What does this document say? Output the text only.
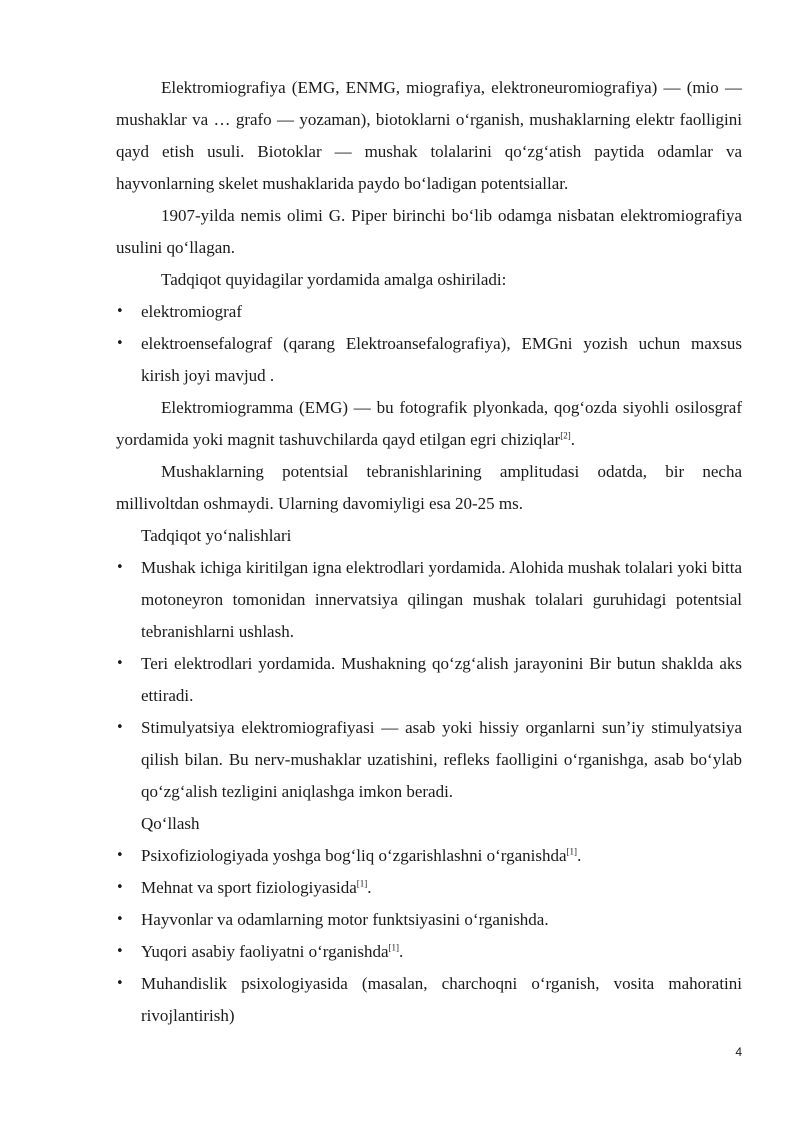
Elektromiografiya (EMG, ENMG, miografiya, elektroneuromiografiya) — (mio — mushaklar va … grafo — yozaman), biotoklarni oʻrganish, mushaklarning elektr faolligini qayd etish usuli. Biotoklar — mushak tolalarini qoʻzgʻatish paytida odamlar va hayvonlarning skelet mushaklarida paydo boʻladigan potentsiallar.

1907-yilda nemis olimi G. Piper birinchi boʻlib odamga nisbatan elektromiografiya usulini qoʻllagan.

Tadqiqot quyidagilar yordamida amalga oshiriladi:

• elektromiograf
• elektroensefalograf (qarang Elektroansefalografiya), EMGni yozish uchun maxsus kirish joyi mavjud .

Elektromiogramma (EMG) — bu fotografik plyonkada, qogʻozda siyohli osilosgraf yordamida yoki magnit tashuvchilarda qayd etilgan egri chiziqlar[2].

Mushaklarning potentsial tebranishlarining amplitudasi odatda, bir necha millivoltdan oshmaydi. Ularning davomiyligi esa 20-25 ms.

Tadqiqot yoʻnalishlari

• Mushak ichiga kiritilgan igna elektrodlari yordamida. Alohida mushak tolalari yoki bitta motoneyron tomonidan innervatsiya qilingan mushak tolalari guruhidagi potentsial tebranishlarni ushlash.
• Teri elektrodlari yordamida. Mushakning qoʻzgʻalish jarayonini Bir butun shaklda aks ettiradi.
• Stimulyatsiya elektromiografiyasi — asab yoki hissiy organlarni sunʼiy stimulyatsiya qilish bilan. Bu nerv-mushaklar uzatishini, refleks faolligini oʻrganishga, asab boʻylab qoʻzgʻalish tezligini aniqlashga imkon beradi.

Qoʻllash

• Psixofiziologiyada yoshga bogʻliq oʻzgarishlashni oʻrganishda[1].
• Mehnat va sport fiziologiyasida[1].
• Hayvonlar va odamlarning motor funktsiyasini oʻrganishda.
• Yuqori asabiy faoliyatni oʻrganishda[1].
• Muhandislik psixologiyasida (masalan, charchoqni oʻrganish, vosita mahoratini rivojlantirish)
4
